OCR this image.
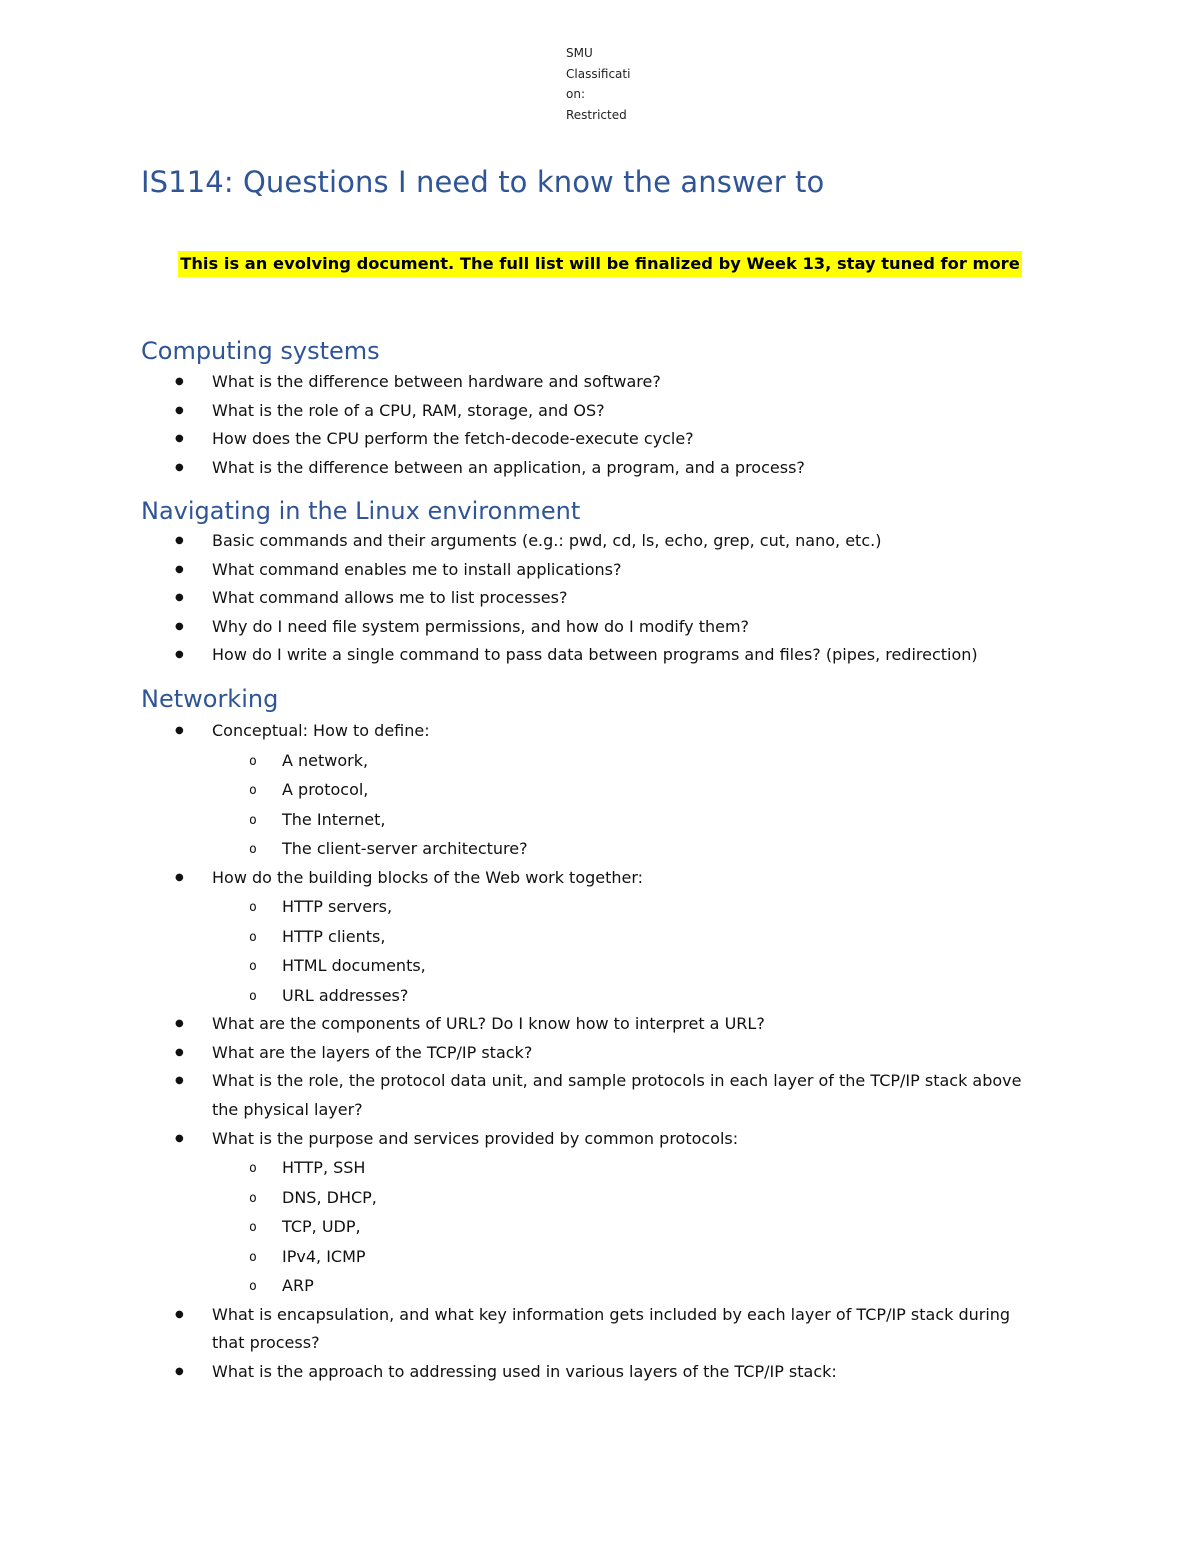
SMU
Classificati
on:
Restricted
IS114: Questions I need to know the answer to
This is an evolving document. The full list will be finalized by Week 13, stay tuned for more
Computing systems
● What is the difference between hardware and software?
● What is the role of a CPU, RAM, storage, and OS?
● How does the CPU perform the fetch-decode-execute cycle?
● What is the difference between an application, a program, and a process?
Navigating in the Linux environment
● Basic commands and their arguments (e.g.: pwd, cd, ls, echo, grep, cut, nano, etc.)
● What command enables me to install applications?
● What command allows me to list processes?
● Why do I need file system permissions, and how do I modify them?
● How do I write a single command to pass data between programs and files? (pipes, redirection)
Networking
● Conceptual: How to define:
o A network,
o A protocol,
o The Internet,
o The client-server architecture?
● How do the building blocks of the Web work together:
o HTTP servers,
o HTTP clients,
o HTML documents,
o URL addresses?
● What are the components of URL? Do I know how to interpret a URL?
● What are the layers of the TCP/IP stack?
● What is the role, the protocol data unit, and sample protocols in each layer of the TCP/IP stack above the physical layer?
● What is the purpose and services provided by common protocols:
o HTTP, SSH
o DNS, DHCP,
o TCP, UDP,
o IPv4, ICMP
o ARP
● What is encapsulation, and what key information gets included by each layer of TCP/IP stack during that process?
● What is the approach to addressing used in various layers of the TCP/IP stack:
